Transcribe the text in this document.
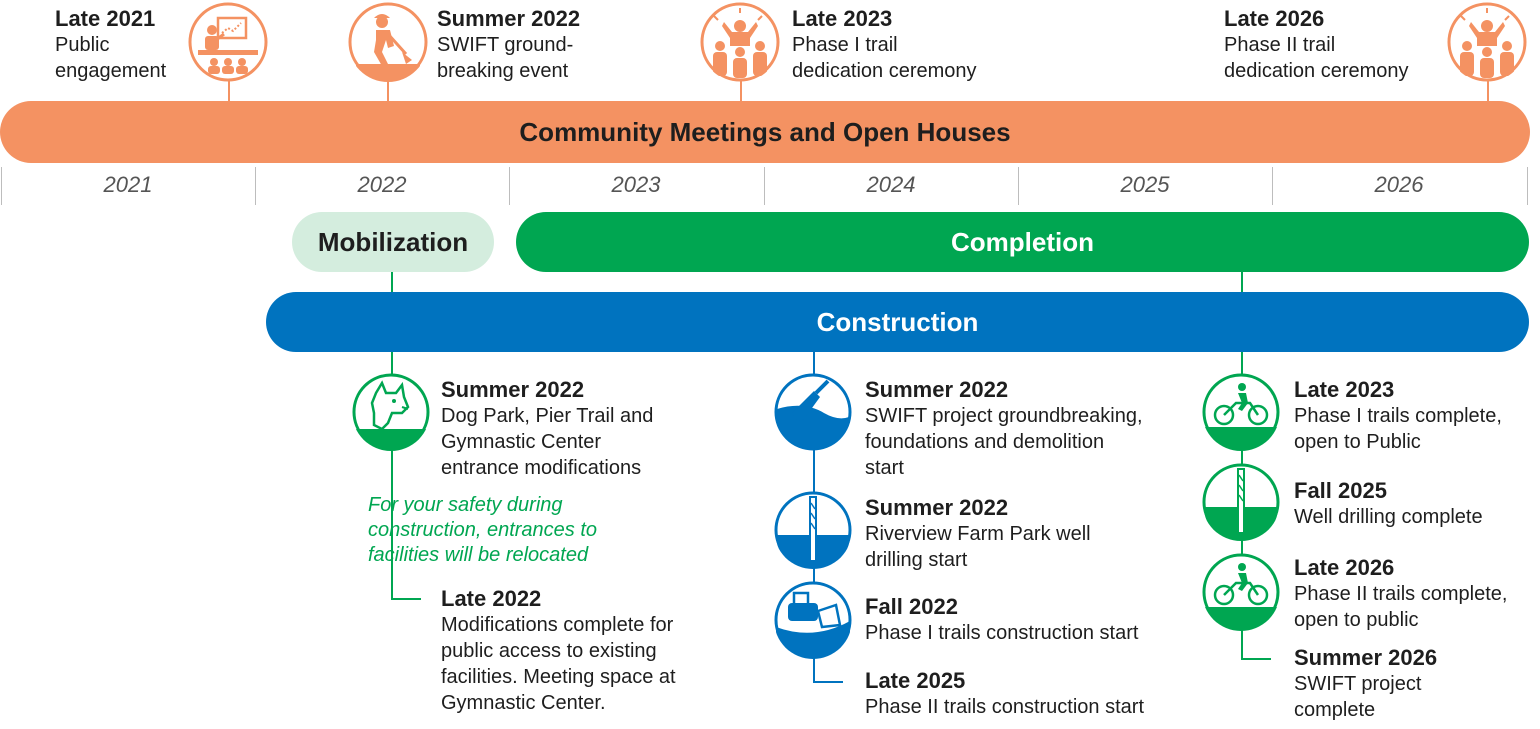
Late 2021
Public
engagement
Summer 2022
SWIFT ground-
breaking event
Late 2023
Phase I trail
dedication ceremony
Late 2026
Phase II trail
dedication ceremony
Community Meetings and Open Houses
2021	2022	2023	2024	2025	2026
Mobilization	Completion
Construction
Summer 2022
Dog Park, Pier Trail and
Gymnastic Center
entrance modifications
For your safety during
construction, entrances to
facilities will be relocated
Late 2022
Modifications complete for
public access to existing
facilities. Meeting space at
Gymnastic Center.
Summer 2022
SWIFT project groundbreaking,
foundations and demolition
start
Summer 2022
Riverview Farm Park well
drilling start
Fall 2022
Phase I trails construction start
Late 2025
Phase II trails construction start
Late 2023
Phase I trails complete,
open to Public
Fall 2025
Well drilling complete
Late 2026
Phase II trails complete,
open to public
Summer 2026
SWIFT project
complete
